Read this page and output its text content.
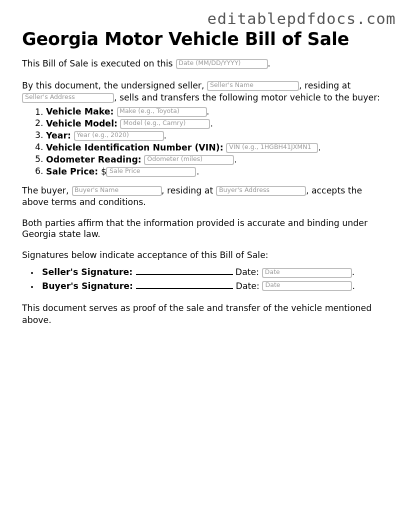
editablepdfdocs.com
Georgia Motor Vehicle Bill of Sale

This Bill of Sale is executed on this Date (MM/DD/YYYY)	.

By this document, the undersigned seller, Seller's Name	, residing at Seller's Address	, sells and transfers the following motor vehicle to the buyer:

1. Vehicle Make: Make (e.g., Toyota)	.
2. Vehicle Model: Model (e.g., Camry)	.
3. Year: Year (e.g., 2020)	.
4. Vehicle Identification Number (VIN): VIN (e.g., 1HGBH41JXMN1 .
5. Odometer Reading: Odometer (miles)	.
6. Sale Price: $ Sale Price	.

The buyer, Buyer's Name	, residing at Buyer's Address	, accepts the above terms and conditions.

Both parties affirm that the information provided is accurate and binding under Georgia state law.

Signatures below indicate acceptance of this Bill of Sale:

• Seller's Signature:	Date: Date	.
• Buyer's Signature:	Date: Date	.

This document serves as proof of the sale and transfer of the vehicle mentioned above.
